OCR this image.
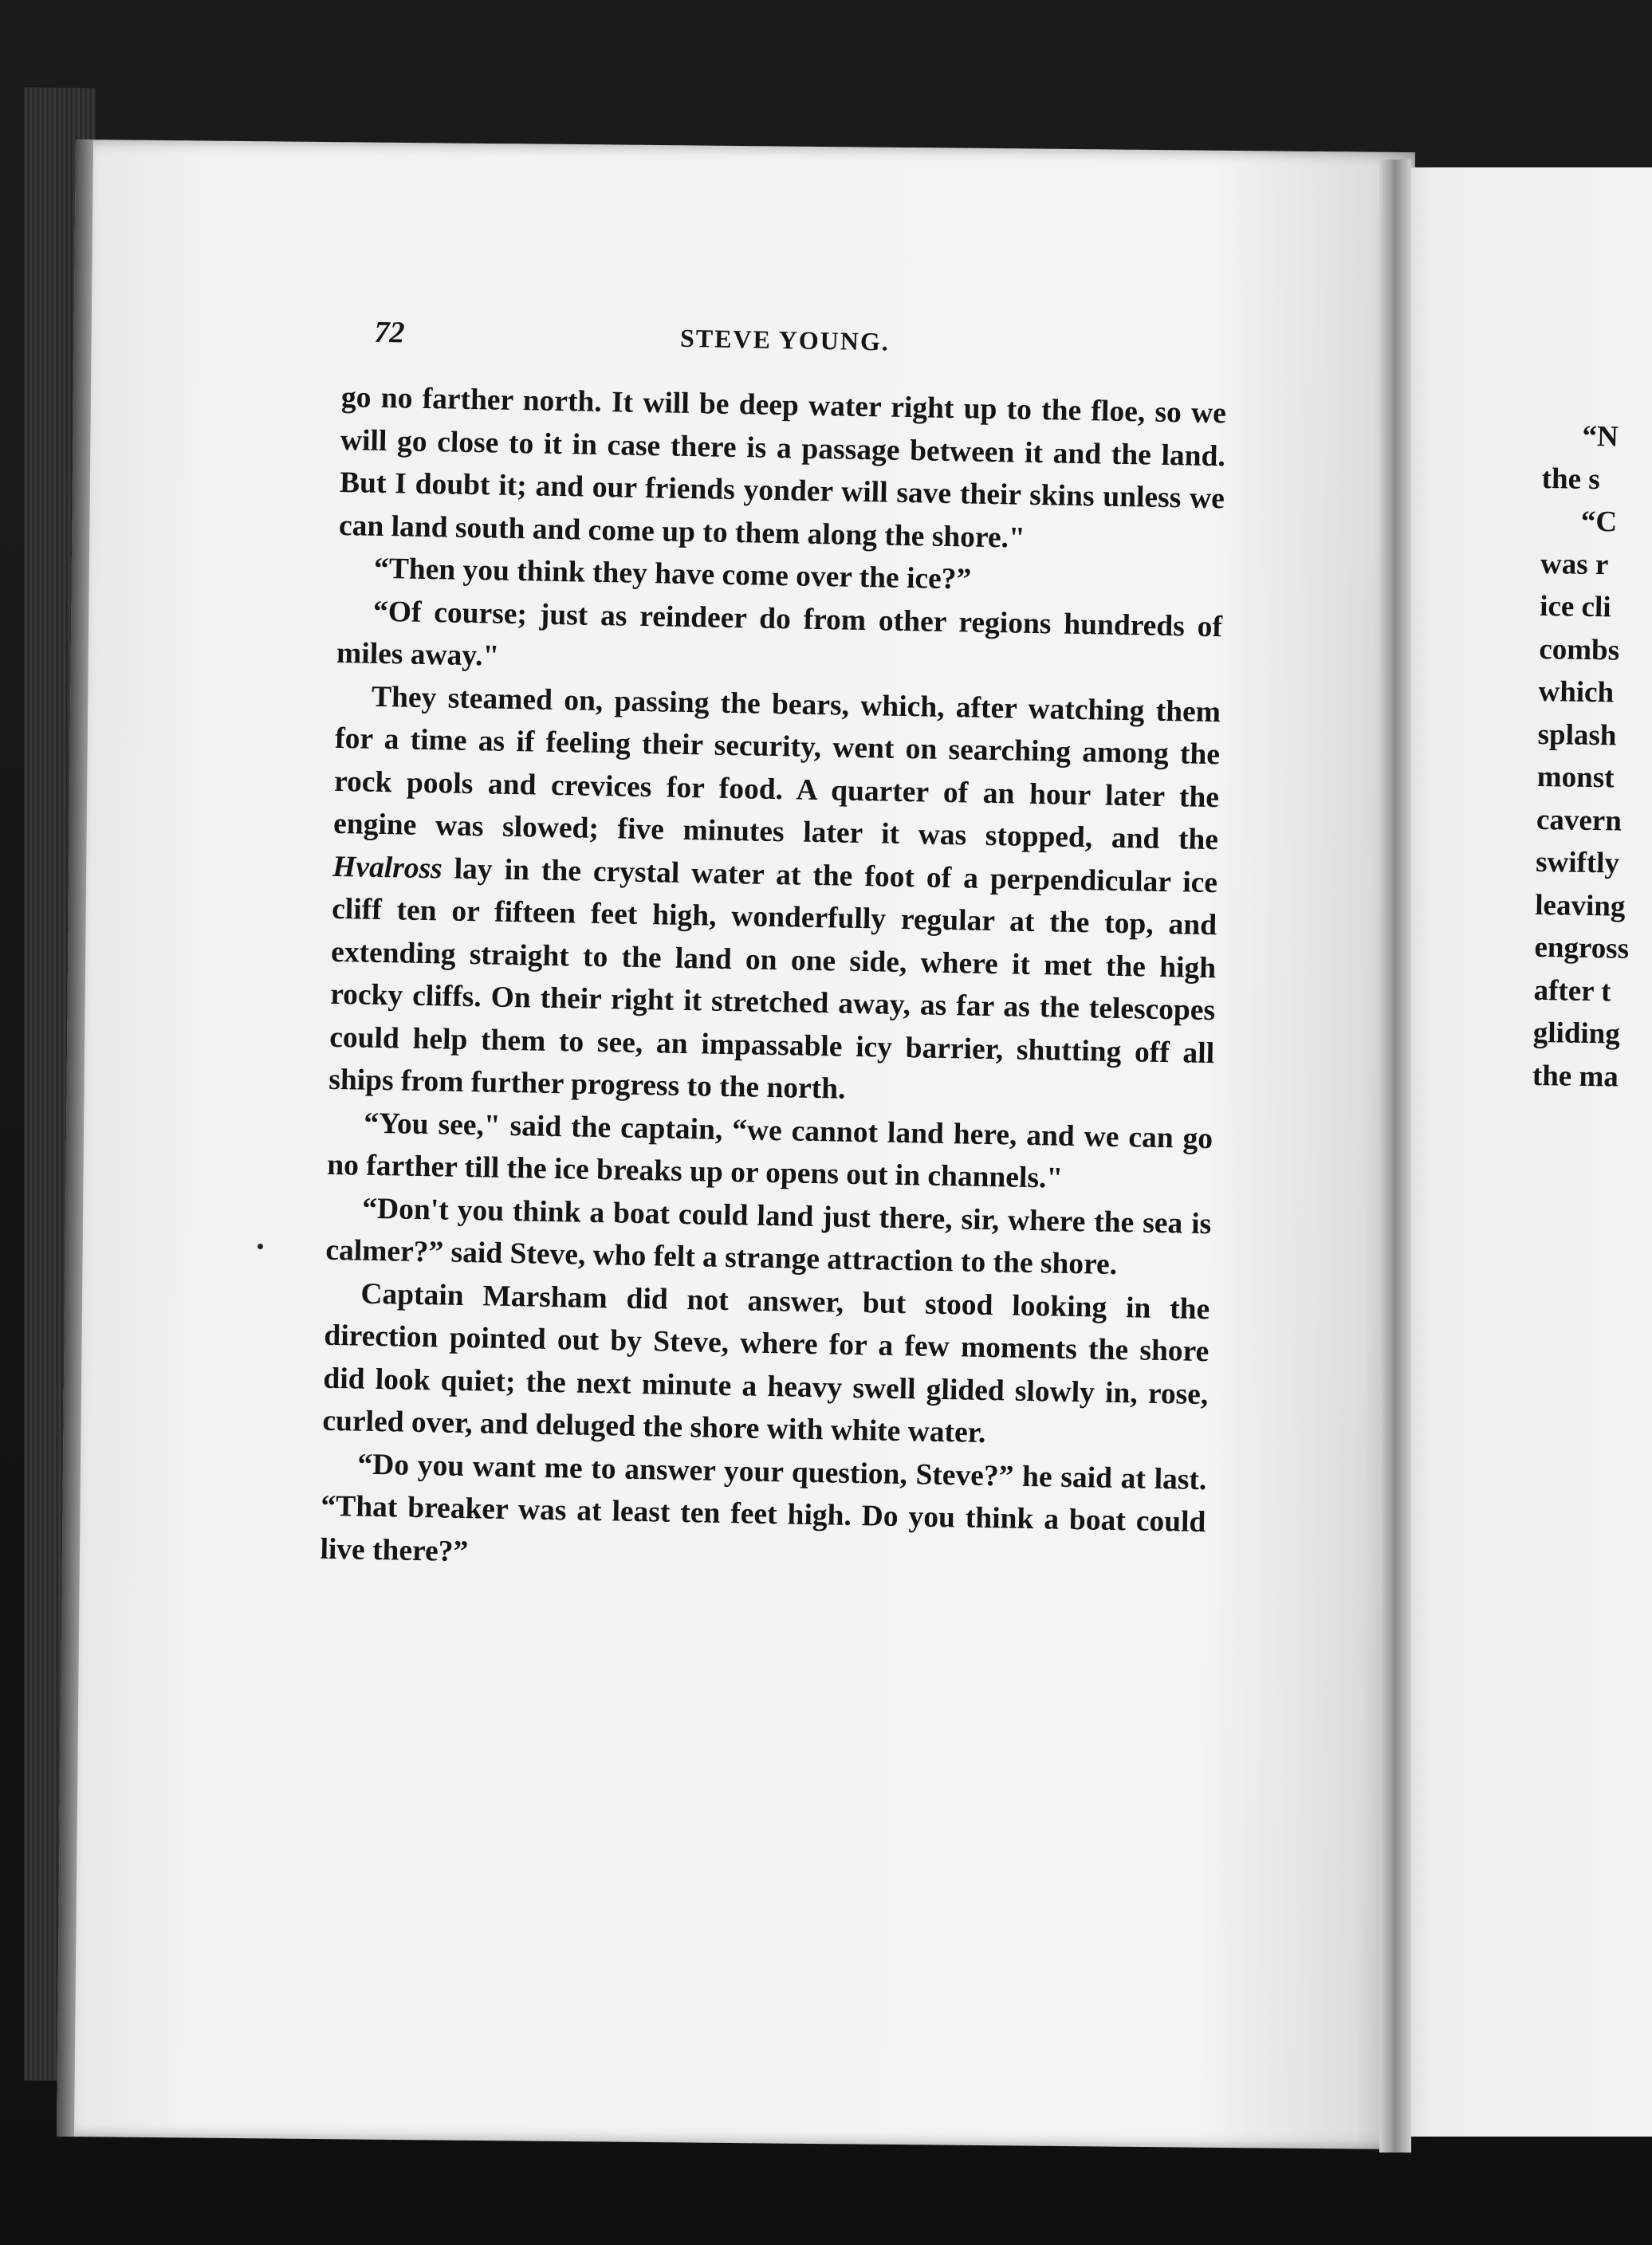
72	STEVE YOUNG.

go no farther north. It will be deep water right up to the floe, so we will go close to it in case there is a passage between it and the land. But I doubt it; and our friends yonder will save their skins unless we can land south and come up to them along the shore."

“Then you think they have come over the ice?”

“Of course; just as reindeer do from other regions hundreds of miles away."

They steamed on, passing the bears, which, after watching them for a time as if feeling their security, went on searching among the rock pools and crevices for food. A quarter of an hour later the engine was slowed; five minutes later it was stopped, and the Hvalross lay in the crystal water at the foot of a perpendicular ice cliff ten or fifteen feet high, wonderfully regular at the top, and extending straight to the land on one side, where it met the high rocky cliffs. On their right it stretched away, as far as the telescopes could help them to see, an impassable icy barrier, shutting off all ships from further progress to the north.

“You see," said the captain, “we cannot land here, and we can go no farther till the ice breaks up or opens out in channels."

“Don't you think a boat could land just there, sir, where the sea is calmer?” said Steve, who felt a strange attraction to the shore.

Captain Marsham did not answer, but stood looking in the direction pointed out by Steve, where for a few moments the shore did look quiet; the next minute a heavy swell glided slowly in, rose, curled over, and deluged the shore with white water.

“Do you want me to answer your question, Steve?” he said at last. “That breaker was at least ten feet high. Do you think a boat could live there?”

“N
the s
“C
was r
ice cli
combs
which
splash
monst
cavern
swiftly
leaving
engross
after t
gliding
the ma
